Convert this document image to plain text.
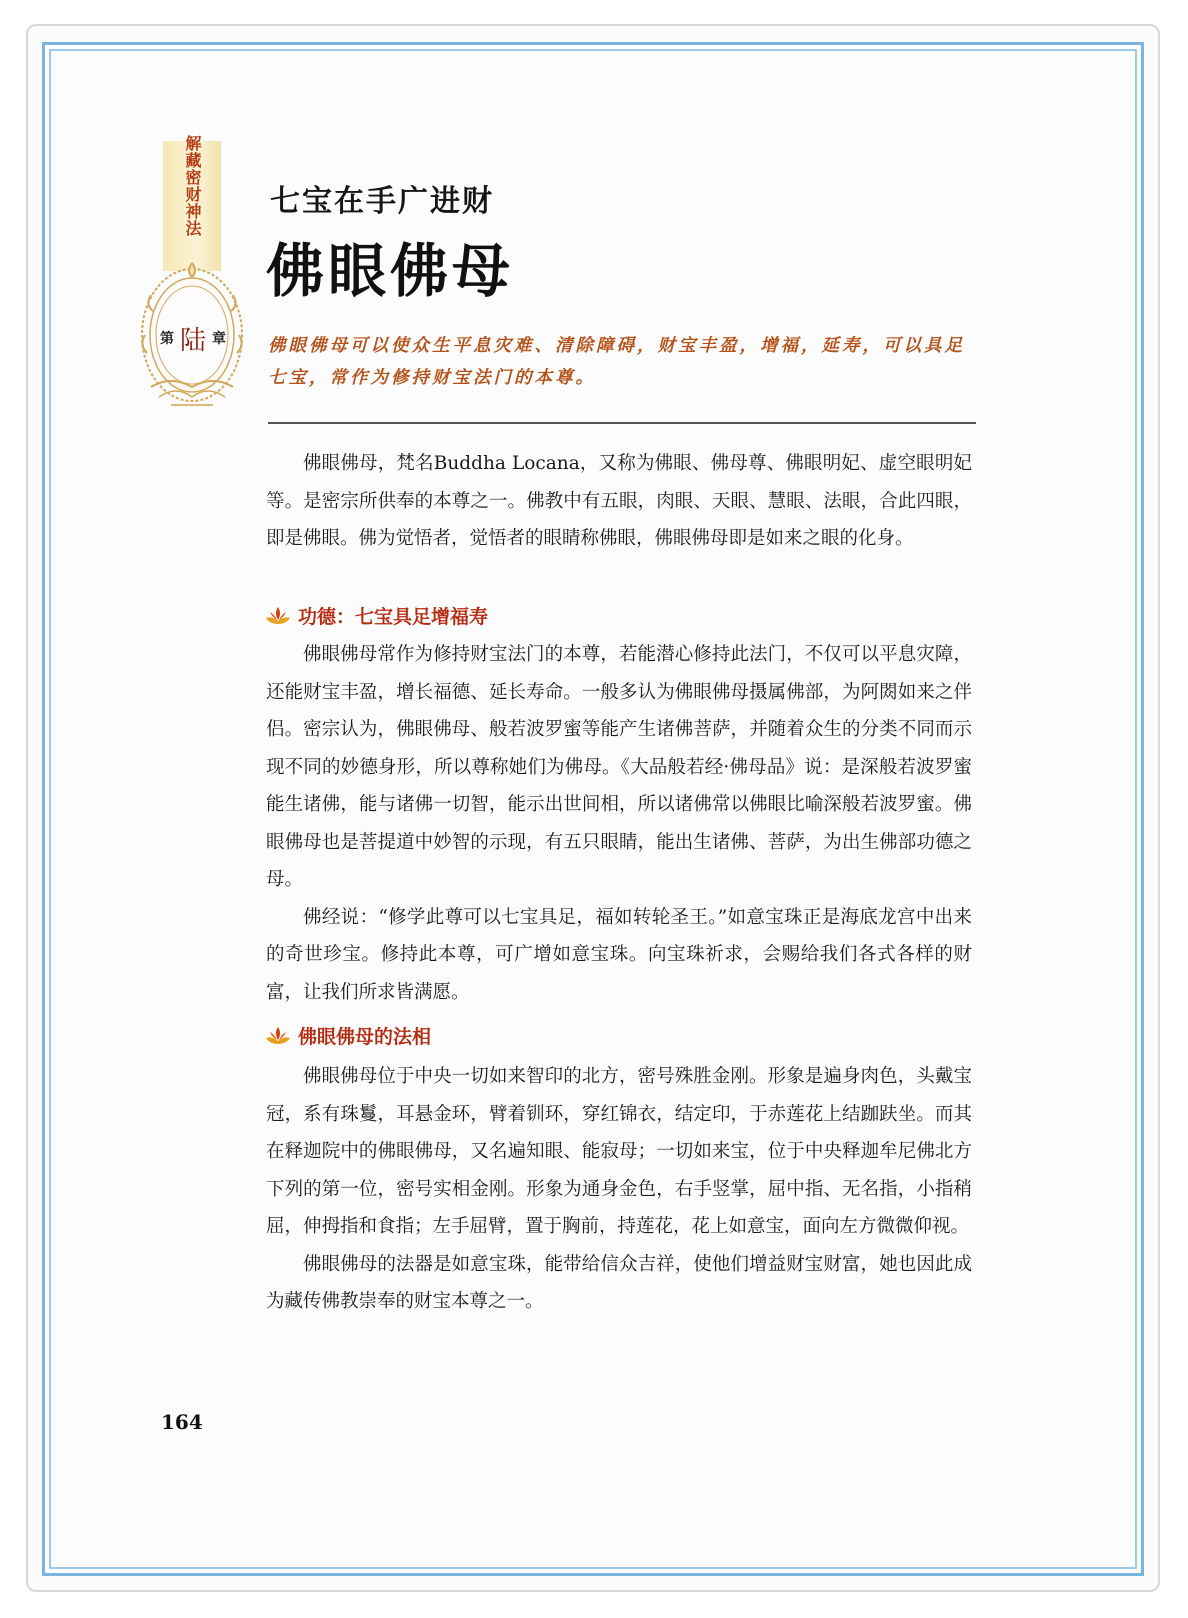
解藏密财神法
第 陆 章
七宝在手广进财
佛眼佛母

佛眼佛母可以使众生平息灾难、清除障碍，财宝丰盈，增福，延寿，可以具足七宝，常作为修持财宝法门的本尊。

佛眼佛母，梵名Buddha Locana，又称为佛眼、佛母尊、佛眼明妃、虚空眼明妃等。是密宗所供奉的本尊之一。佛教中有五眼，肉眼、天眼、慧眼、法眼，合此四眼，即是佛眼。佛为觉悟者，觉悟者的眼睛称佛眼，佛眼佛母即是如来之眼的化身。

功德：七宝具足增福寿

佛眼佛母常作为修持财宝法门的本尊，若能潜心修持此法门，不仅可以平息灾障，还能财宝丰盈，增长福德、延长寿命。一般多认为佛眼佛母摄属佛部，为阿閦如来之伴侣。密宗认为，佛眼佛母、般若波罗蜜等能产生诸佛菩萨，并随着众生的分类不同而示现不同的妙德身形，所以尊称她们为佛母。《大品般若经·佛母品》说：是深般若波罗蜜能生诸佛，能与诸佛一切智，能示出世间相，所以诸佛常以佛眼比喻深般若波罗蜜。佛眼佛母也是菩提道中妙智的示现，有五只眼睛，能出生诸佛、菩萨，为出生佛部功德之母。

佛经说：“修学此尊可以七宝具足，福如转轮圣王。”如意宝珠正是海底龙宫中出来的奇世珍宝。修持此本尊，可广增如意宝珠。向宝珠祈求，会赐给我们各式各样的财富，让我们所求皆满愿。

佛眼佛母的法相

佛眼佛母位于中央一切如来智印的北方，密号殊胜金刚。形象是遍身肉色，头戴宝冠，系有珠鬘，耳悬金环，臂着钏环，穿红锦衣，结定印，于赤莲花上结跏趺坐。而其在释迦院中的佛眼佛母，又名遍知眼、能寂母；一切如来宝，位于中央释迦牟尼佛北方下列的第一位，密号实相金刚。形象为通身金色，右手竖掌，屈中指、无名指，小指稍屈，伸拇指和食指；左手屈臂，置于胸前，持莲花，花上如意宝，面向左方微微仰视。

佛眼佛母的法器是如意宝珠，能带给信众吉祥，使他们增益财宝财富，她也因此成为藏传佛教崇奉的财宝本尊之一。

164
